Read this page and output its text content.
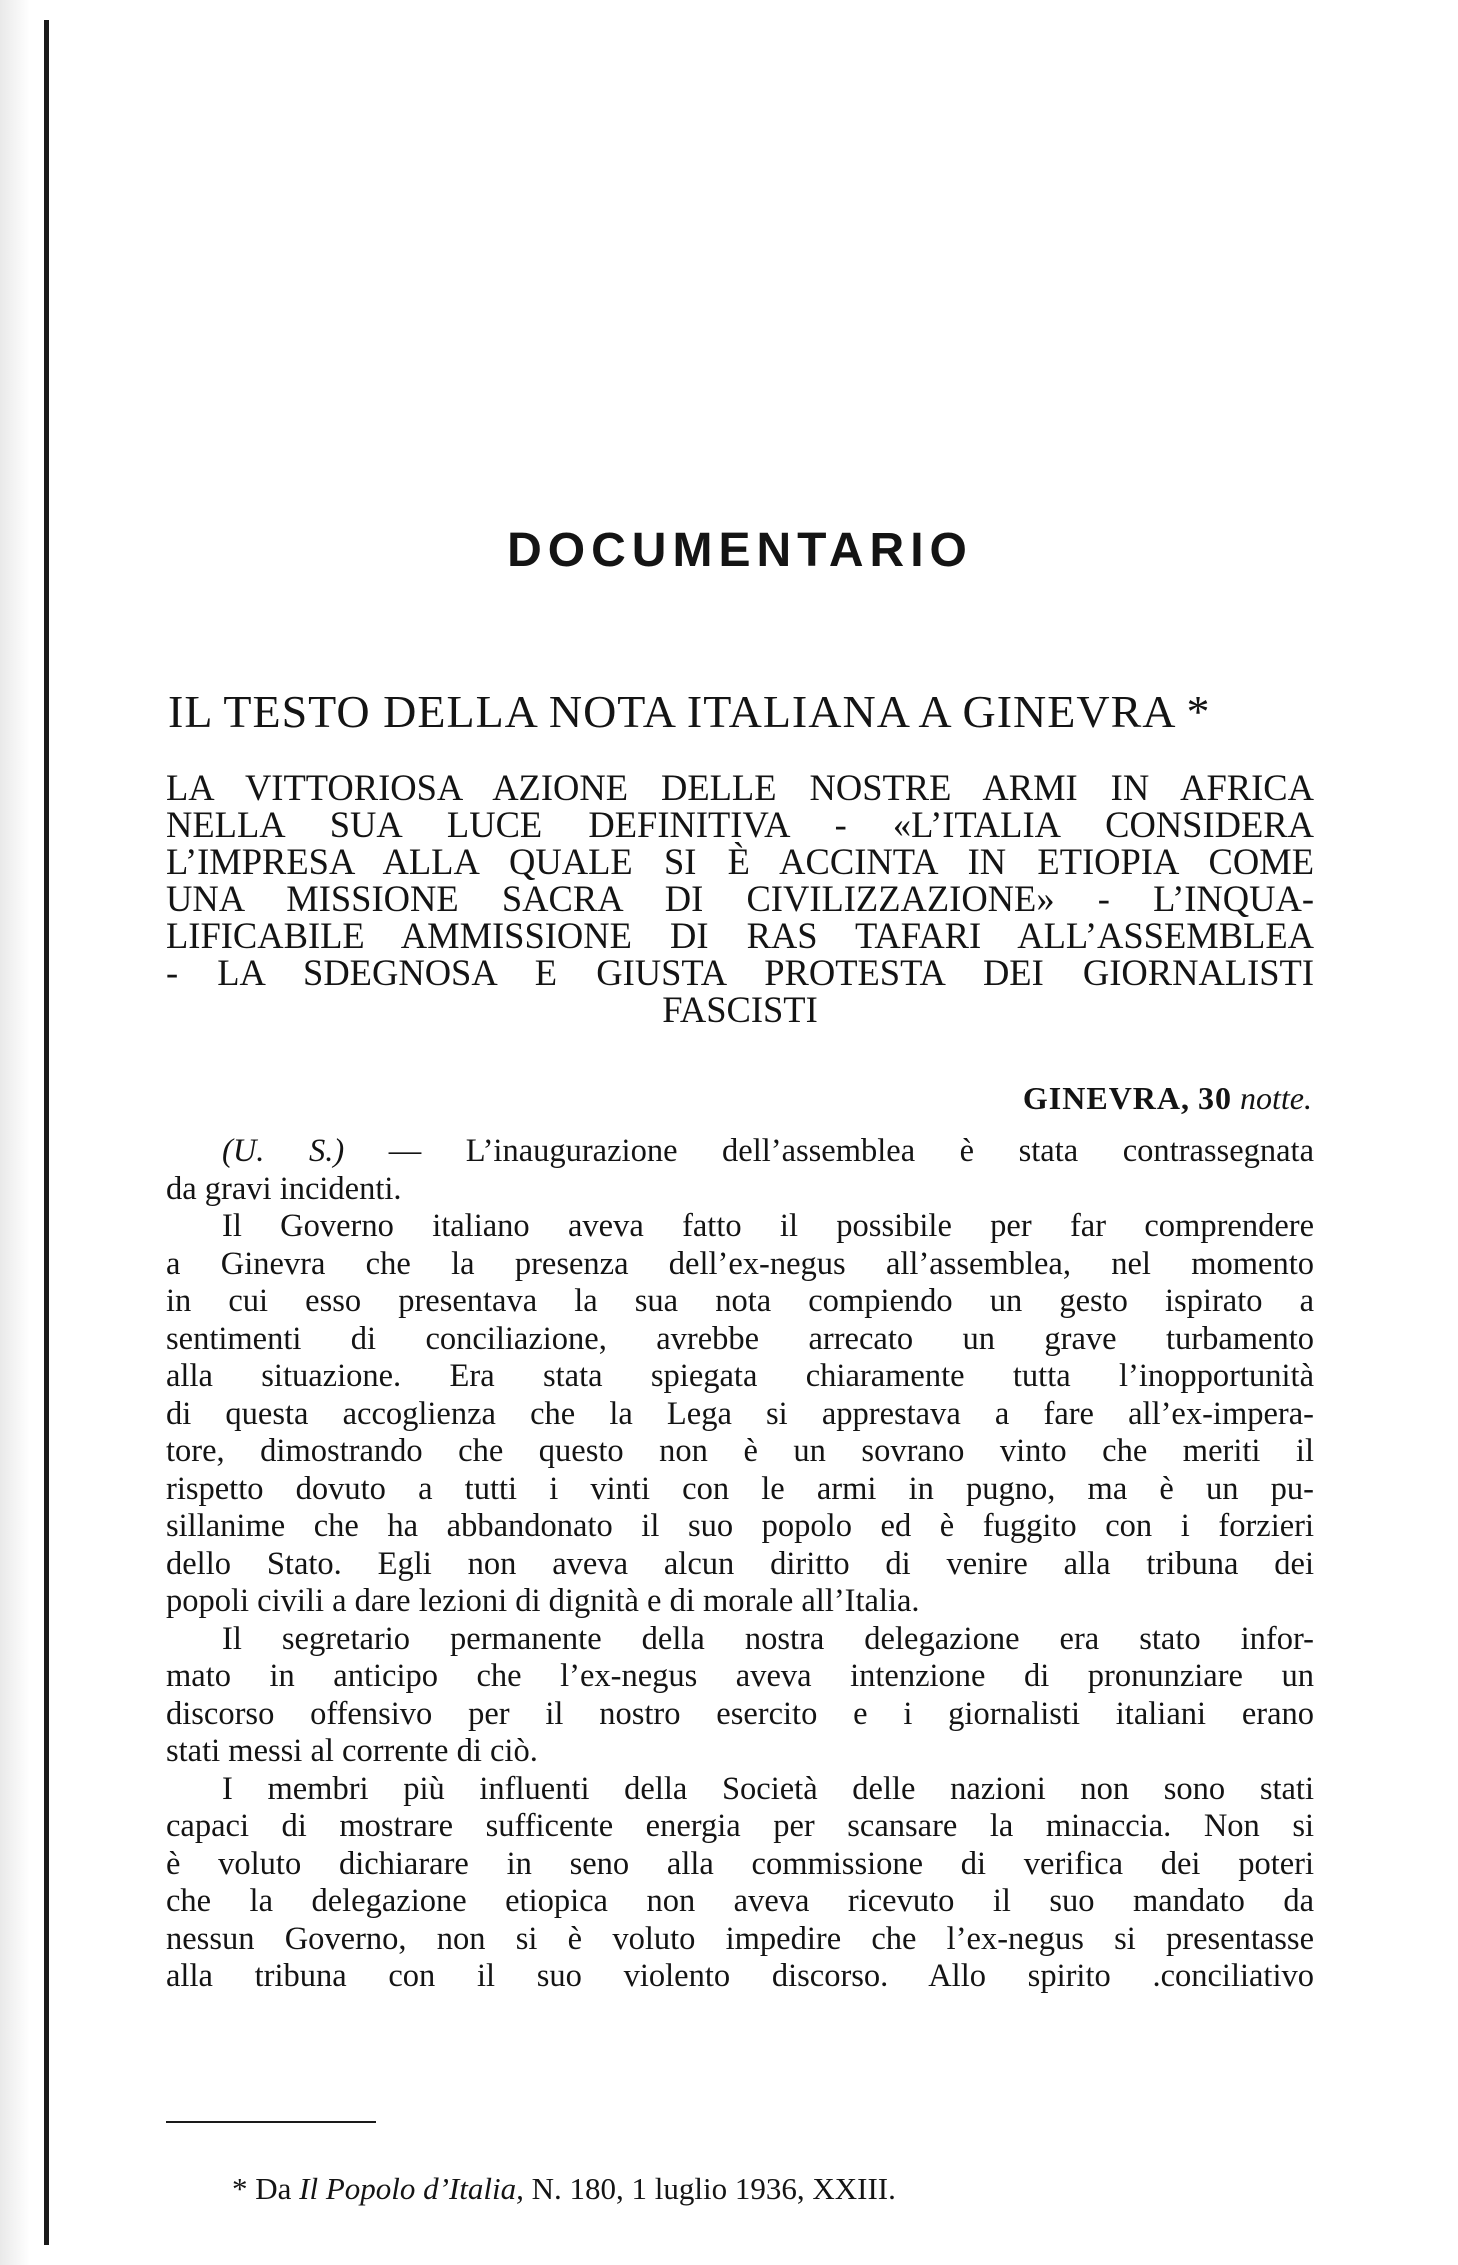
DOCUMENTARIO
IL TESTO DELLA NOTA ITALIANA A GINEVRA *
LA VITTORIOSA AZIONE DELLE NOSTRE ARMI IN AFRICA
NELLA SUA LUCE DEFINITIVA - «L’ITALIA CONSIDERA
L’IMPRESA ALLA QUALE SI È ACCINTA IN ETIOPIA COME
UNA MISSIONE SACRA DI CIVILIZZAZIONE» - L’INQUA-
LIFICABILE AMMISSIONE DI RAS TAFARI ALL’ASSEMBLEA
- LA SDEGNOSA E GIUSTA PROTESTA DEI GIORNALISTI
FASCISTI
GINEVRA, 30 notte.
(U. S.) — L’inaugurazione dell’assemblea è stata contrassegnata
da gravi incidenti.
Il Governo italiano aveva fatto il possibile per far comprendere
a Ginevra che la presenza dell’ex-negus all’assemblea, nel momento
in cui esso presentava la sua nota compiendo un gesto ispirato a
sentimenti di conciliazione, avrebbe arrecato un grave turbamento
alla situazione. Era stata spiegata chiaramente tutta l’inopportunità
di questa accoglienza che la Lega si apprestava a fare all’ex-impera-
tore, dimostrando che questo non è un sovrano vinto che meriti il
rispetto dovuto a tutti i vinti con le armi in pugno, ma è un pu-
sillanime che ha abbandonato il suo popolo ed è fuggito con i forzieri
dello Stato. Egli non aveva alcun diritto di venire alla tribuna dei
popoli civili a dare lezioni di dignità e di morale all’Italia.
Il segretario permanente della nostra delegazione era stato infor-
mato in anticipo che l’ex-negus aveva intenzione di pronunziare un
discorso offensivo per il nostro esercito e i giornalisti italiani erano
stati messi al corrente di ciò.
I membri più influenti della Società delle nazioni non sono stati
capaci di mostrare sufficente energia per scansare la minaccia. Non si
è voluto dichiarare in seno alla commissione di verifica dei poteri
che la delegazione etiopica non aveva ricevuto il suo mandato da
nessun Governo, non si è voluto impedire che l’ex-negus si presentasse
alla tribuna con il suo violento discorso. Allo spirito .conciliativo
* Da Il Popolo d’Italia, N. 180, 1 luglio 1936, XXIII.
